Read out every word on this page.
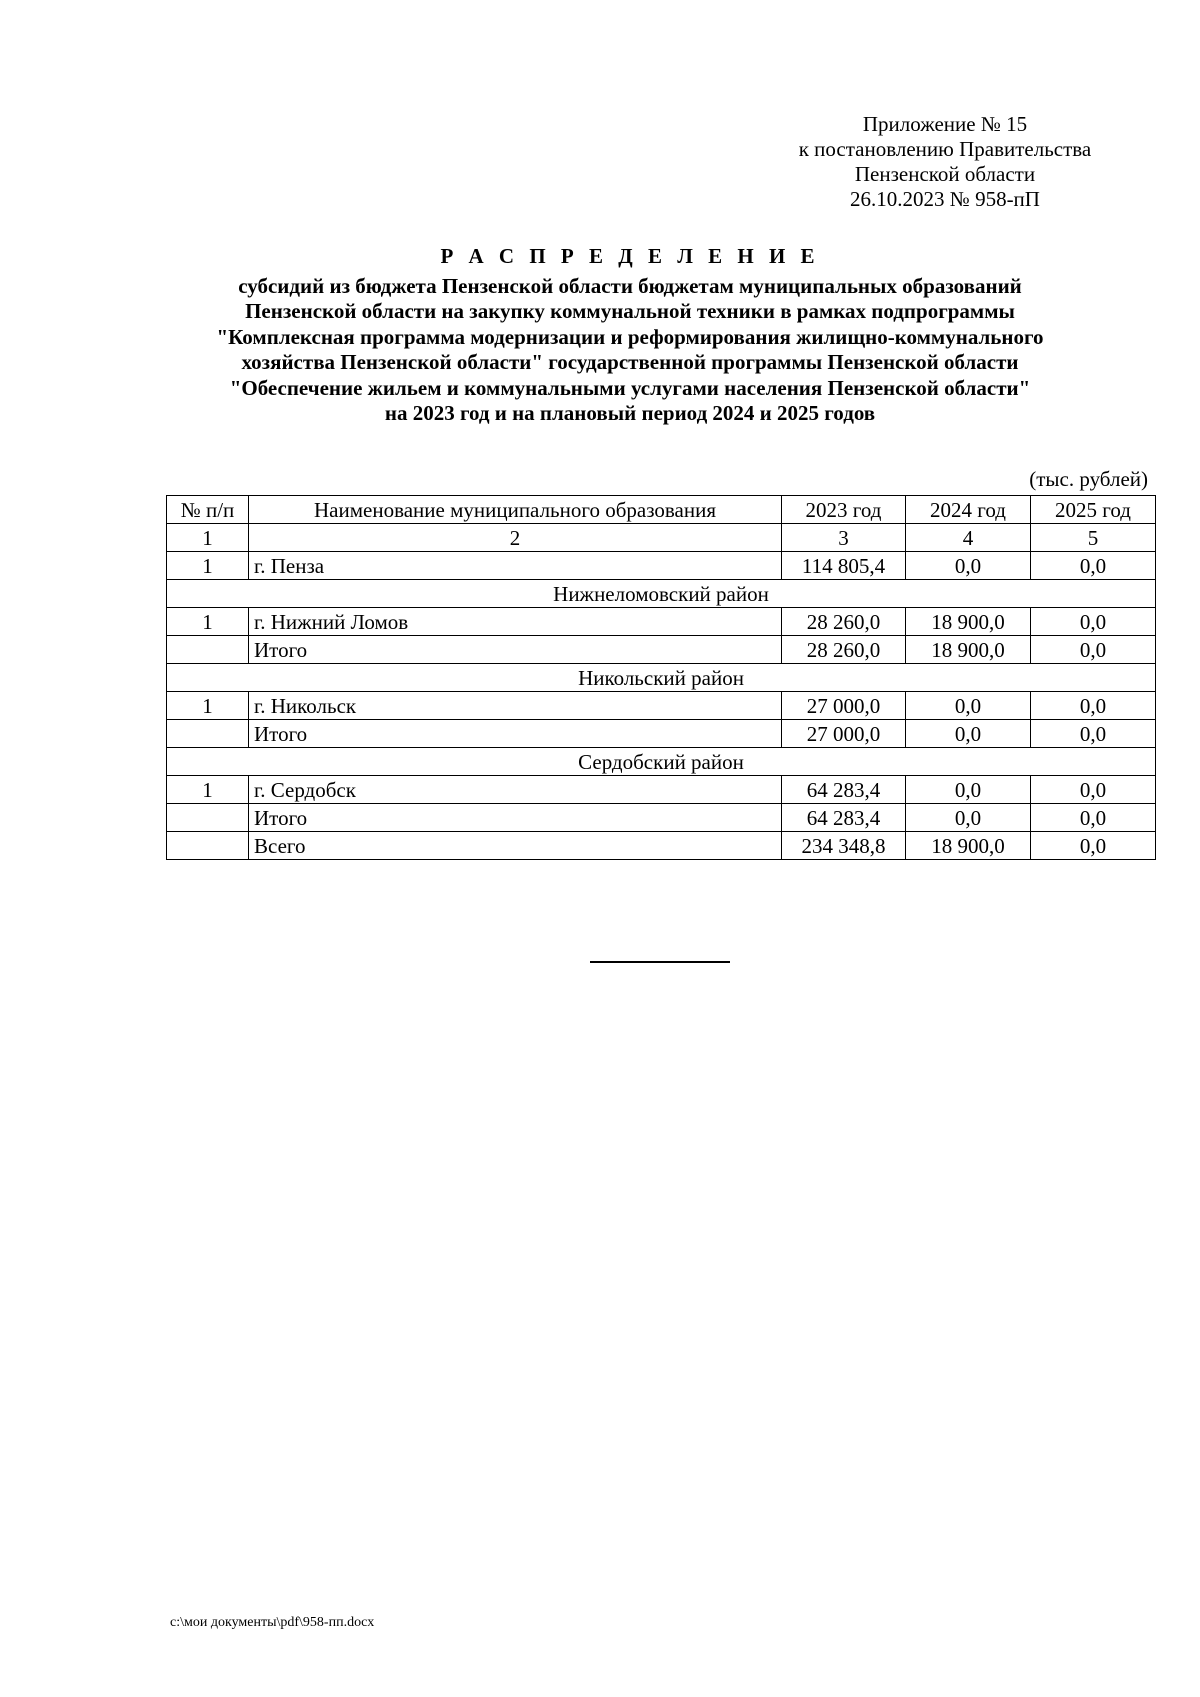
Приложение № 15
к постановлению Правительства
Пензенской области
26.10.2023 № 958-пП
Р А С П Р Е Д Е Л Е Н И Е
субсидий из бюджета Пензенской области бюджетам муниципальных образований
Пензенской области на закупку коммунальной техники в рамках подпрограммы
"Комплексная программа модернизации и реформирования жилищно-коммунального
хозяйства Пензенской области" государственной программы Пензенской области
"Обеспечение жильем и коммунальными услугами населения Пензенской области"
на 2023 год и на плановый период 2024 и 2025 годов
(тыс. рублей)
№ п/п	Наименование муниципального образования	2023 год	2024 год	2025 год
1	2	3	4	5
1	г. Пенза	114 805,4	0,0	0,0
Нижнеломовский район				
1	г. Нижний Ломов	28 260,0	18 900,0	0,0
	Итого	28 260,0	18 900,0	0,0
Никольский район				
1	г. Никольск	27 000,0	0,0	0,0
	Итого	27 000,0	0,0	0,0
Сердобский район				
1	г. Сердобск	64 283,4	0,0	0,0
	Итого	64 283,4	0,0	0,0
	Всего	234 348,8	18 900,0	0,0
c:\мои документы\pdf\958-пп.docx
